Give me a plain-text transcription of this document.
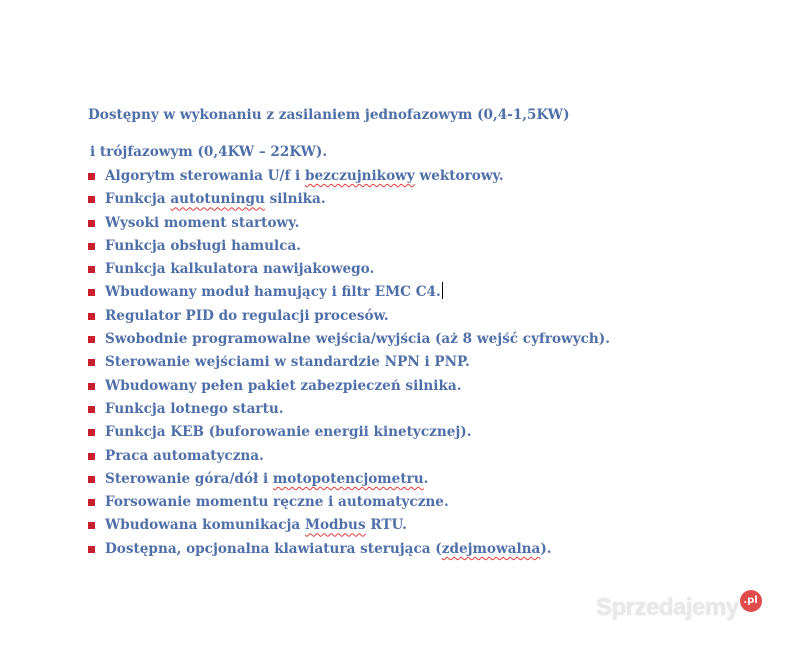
Dostępny w wykonaniu z zasilaniem jednofazowym (0,4-1,5KW)
i trójfazowym (0,4KW – 22KW).
Algorytm sterowania U/f i bezczujnikowy wektorowy.
Funkcja autotuningu silnika.
Wysoki moment startowy.
Funkcja obsługi hamulca.
Funkcja kalkulatora nawijakowego.
Wbudowany moduł hamujący i filtr EMC C4.
Regulator PID do regulacji procesów.
Swobodnie programowalne wejścia/wyjścia (aż 8 wejść cyfrowych).
Sterowanie wejściami w standardzie NPN i PNP.
Wbudowany pełen pakiet zabezpieczeń silnika.
Funkcja lotnego startu.
Funkcja KEB (buforowanie energii kinetycznej).
Praca automatyczna.
Sterowanie góra/dół i motopotencjometru.
Forsowanie momentu ręczne i automatyczne.
Wbudowana komunikacja Modbus RTU.
Dostępna, opcjonalna klawiatura sterująca (zdejmowalna).
Sprzedajemy .pl
